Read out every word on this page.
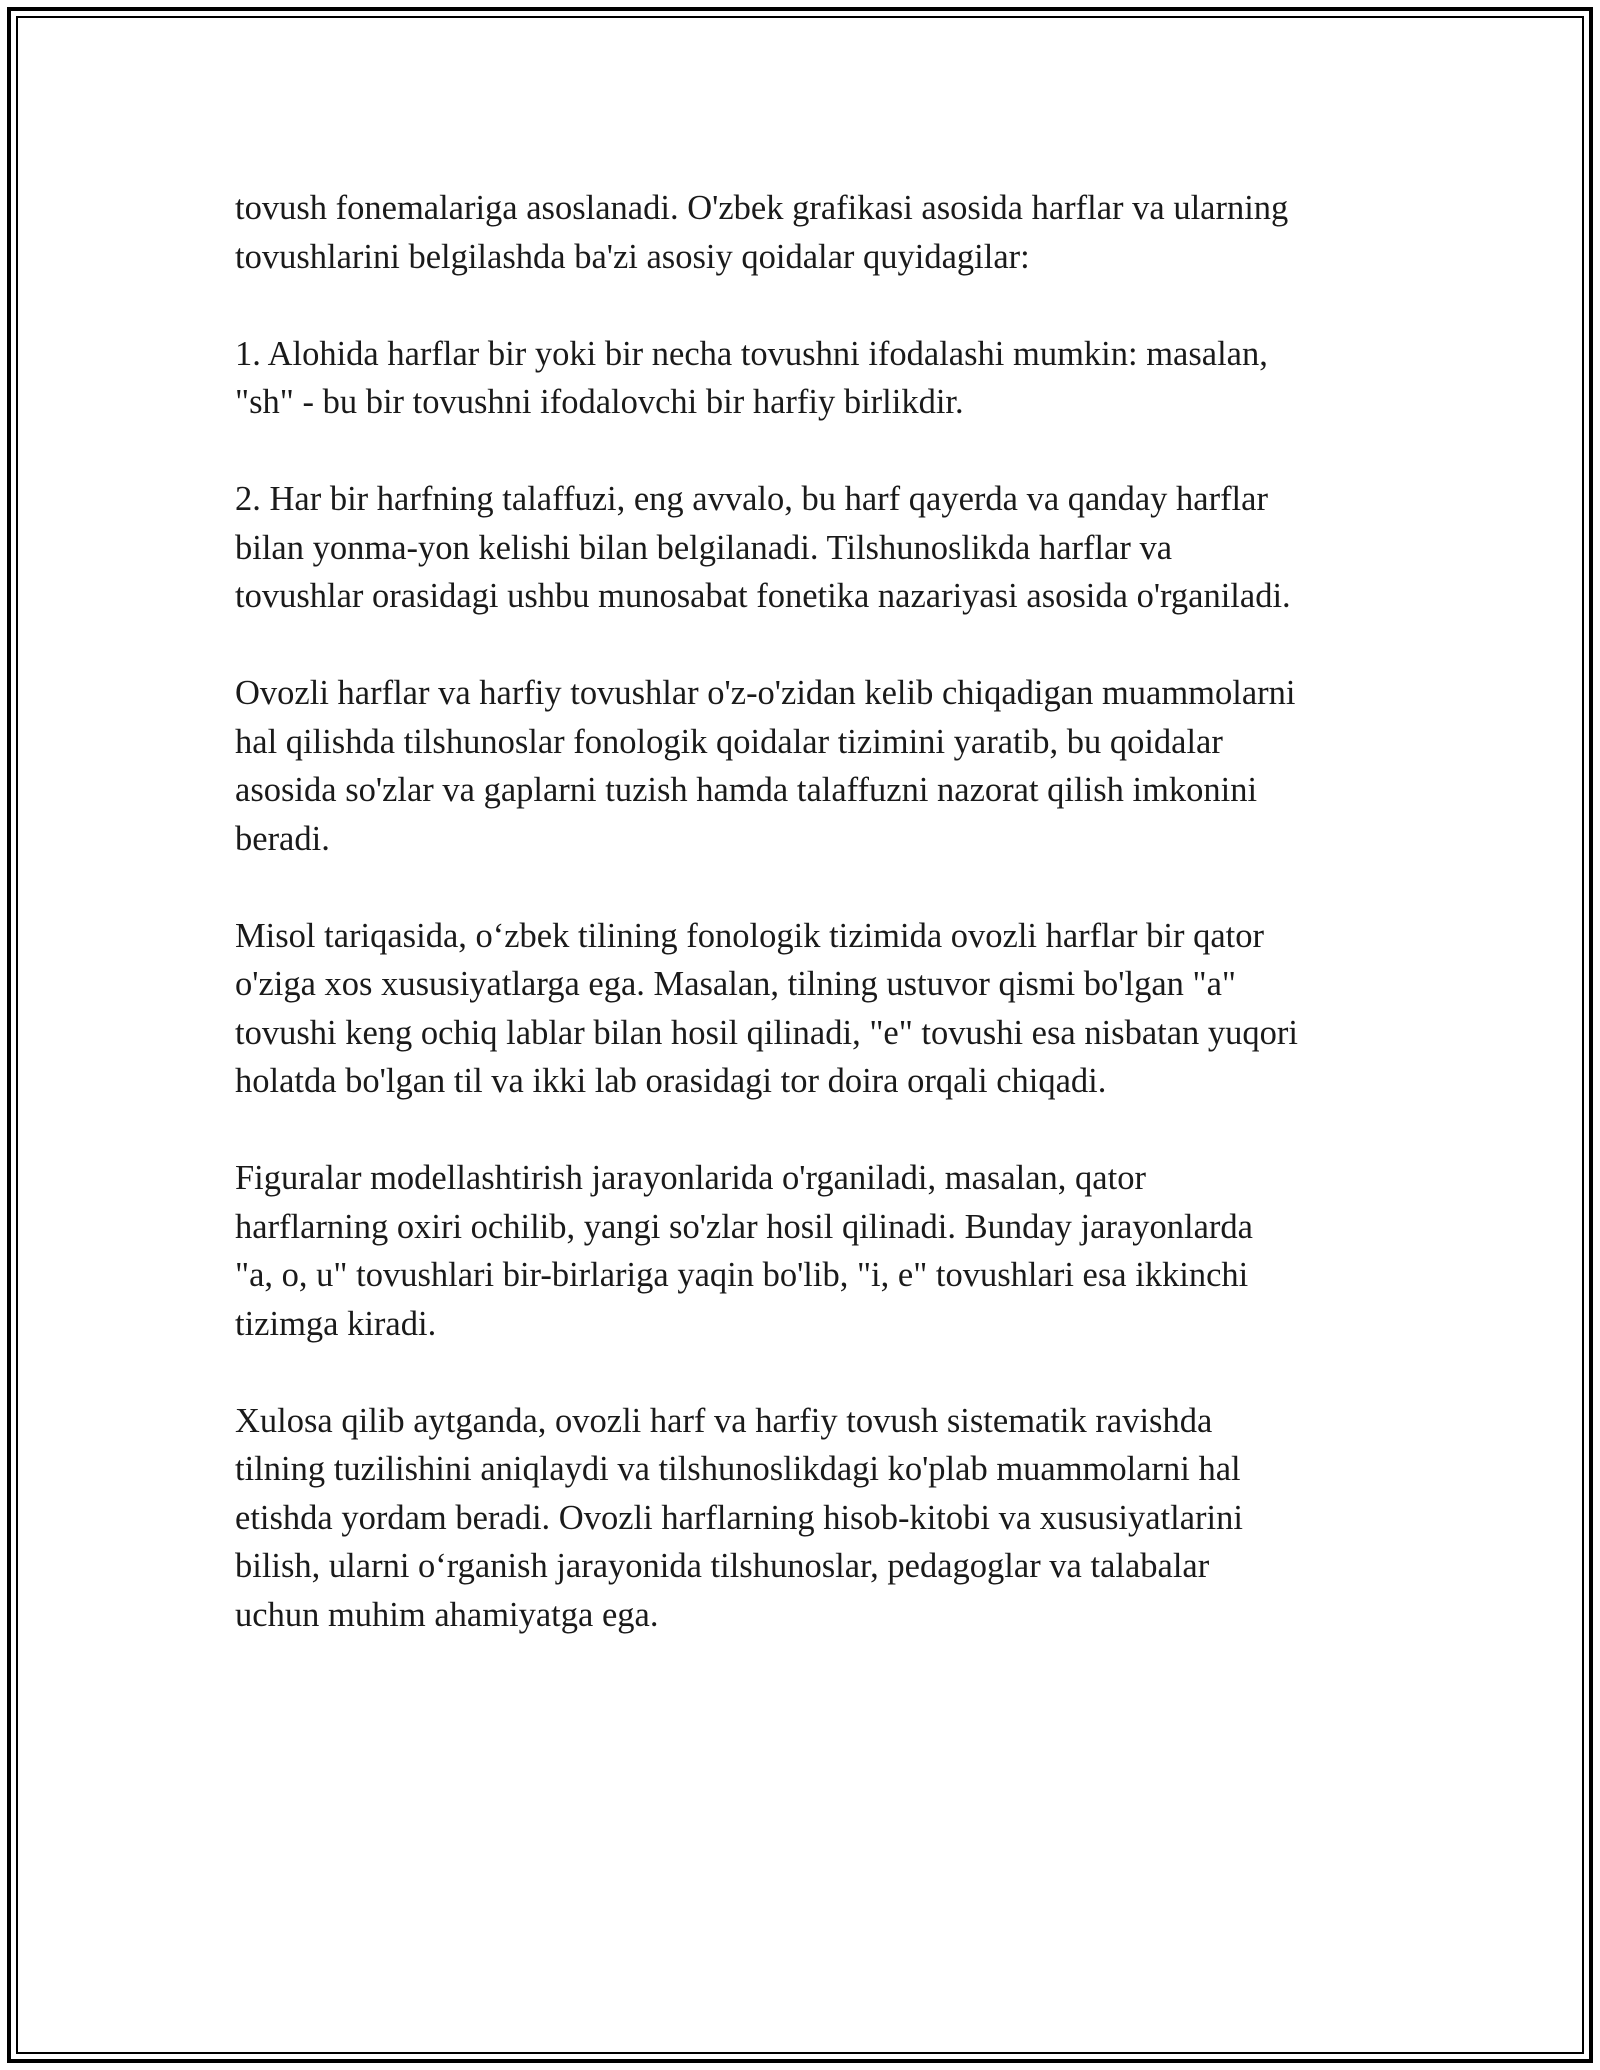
tovush fonemalariga asoslanadi. O'zbek grafikasi asosida harflar va ularning
tovushlarini belgilashda ba'zi asosiy qoidalar quyidagilar:

1. Alohida harflar bir yoki bir necha tovushni ifodalashi mumkin: masalan,
"sh" - bu bir tovushni ifodalovchi bir harfiy birlikdir.

2. Har bir harfning talaffuzi, eng avvalo, bu harf qayerda va qanday harflar
bilan yonma-yon kelishi bilan belgilanadi. Tilshunoslikda harflar va
tovushlar orasidagi ushbu munosabat fonetika nazariyasi asosida o'rganiladi.

Ovozli harflar va harfiy tovushlar o'z-o'zidan kelib chiqadigan muammolarni
hal qilishda tilshunoslar fonologik qoidalar tizimini yaratib, bu qoidalar
asosida so'zlar va gaplarni tuzish hamda talaffuzni nazorat qilish imkonini
beradi.

Misol tariqasida, o‘zbek tilining fonologik tizimida ovozli harflar bir qator
o'ziga xos xususiyatlarga ega. Masalan, tilning ustuvor qismi bo'lgan "a"
tovushi keng ochiq lablar bilan hosil qilinadi, "e" tovushi esa nisbatan yuqori
holatda bo'lgan til va ikki lab orasidagi tor doira orqali chiqadi.

Figuralar modellashtirish jarayonlarida o'rganiladi, masalan, qator
harflarning oxiri ochilib, yangi so'zlar hosil qilinadi. Bunday jarayonlarda
"a, o, u" tovushlari bir-birlariga yaqin bo'lib, "i, e" tovushlari esa ikkinchi
tizimga kiradi.

Xulosa qilib aytganda, ovozli harf va harfiy tovush sistematik ravishda
tilning tuzilishini aniqlaydi va tilshunoslikdagi ko'plab muammolarni hal
etishda yordam beradi. Ovozli harflarning hisob-kitobi va xususiyatlarini
bilish, ularni o‘rganish jarayonida tilshunoslar, pedagoglar va talabalar
uchun muhim ahamiyatga ega.
